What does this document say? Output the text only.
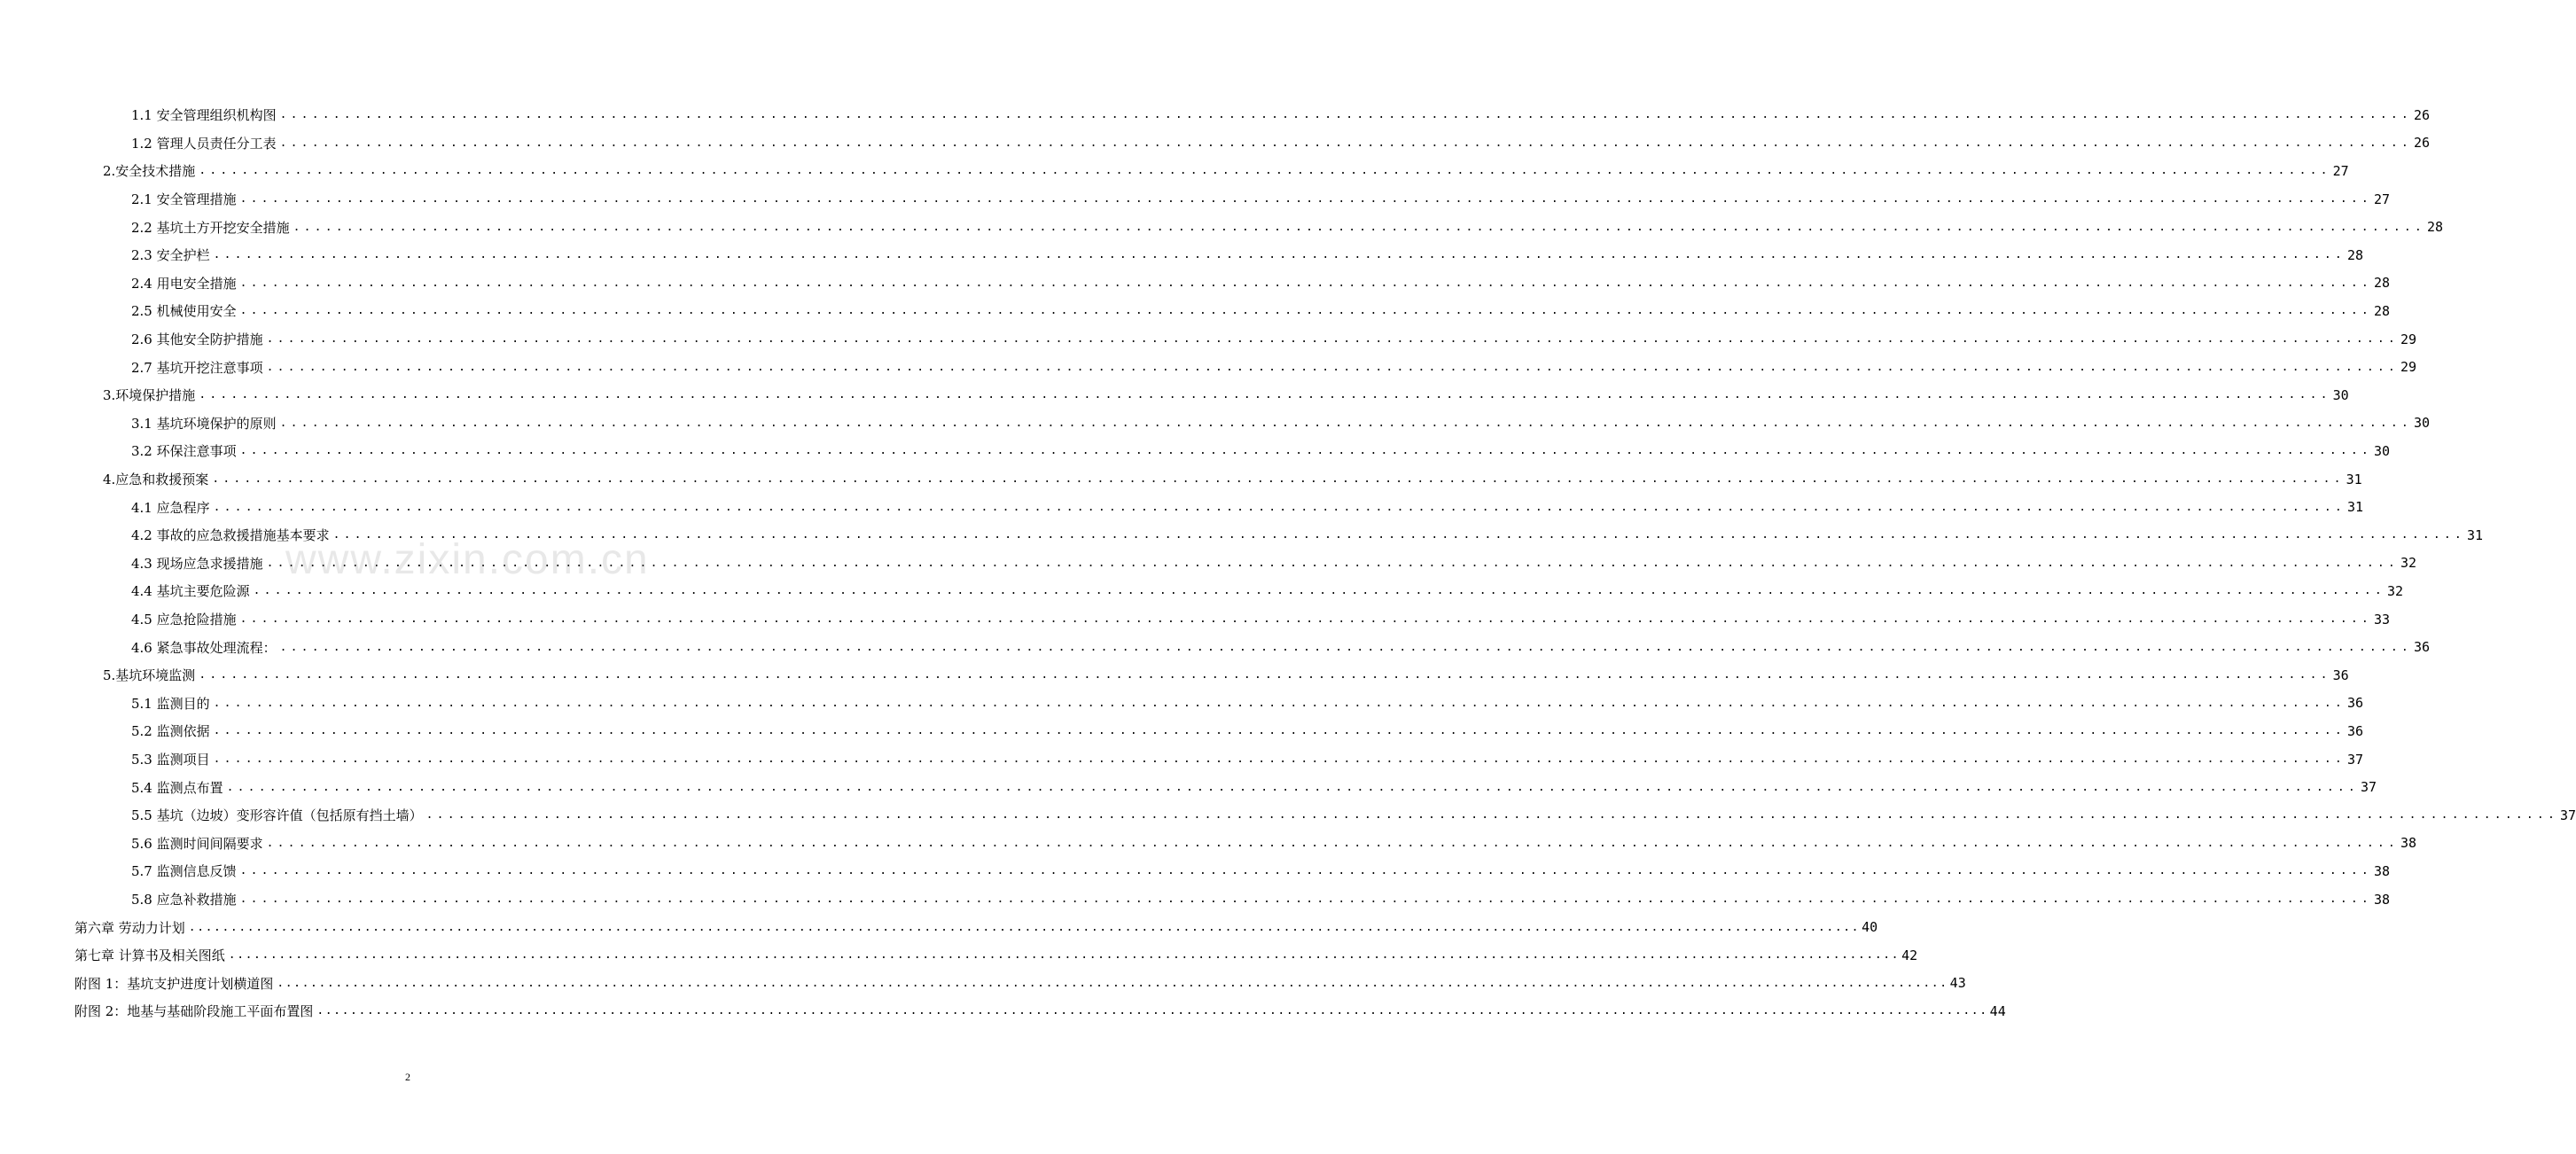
1.1 安全管理组织机构图 ........................................................................................................................................................................................................ 26
1.2 管理人员责任分工表 ........................................................................................................................................................................................................ 26
2.安全技术措施 ........................................................................................................................................................................................................ 27
2.1 安全管理措施 ........................................................................................................................................................................................................ 27
2.2 基坑土方开挖安全措施 ........................................................................................................................................................................................................ 28
2.3 安全护栏 ........................................................................................................................................................................................................ 28
2.4 用电安全措施 ........................................................................................................................................................................................................ 28
2.5 机械使用安全 ........................................................................................................................................................................................................ 28
2.6 其他安全防护措施 ........................................................................................................................................................................................................ 29
2.7 基坑开挖注意事项 ........................................................................................................................................................................................................ 29
3.环境保护措施 ........................................................................................................................................................................................................ 30
3.1 基坑环境保护的原则 ........................................................................................................................................................................................................ 30
3.2 环保注意事项 ........................................................................................................................................................................................................ 30
4.应急和救援预案 ........................................................................................................................................................................................................ 31
4.1 应急程序 ........................................................................................................................................................................................................ 31
4.2 事故的应急救援措施基本要求 ........................................................................................................................................................................................................ 31
4.3 现场应急求援措施 ........................................................................................................................................................................................................ 32
4.4 基坑主要危险源 ........................................................................................................................................................................................................ 32
4.5 应急抢险措施 ........................................................................................................................................................................................................ 33
4.6 紧急事故处理流程： ........................................................................................................................................................................................................ 36
5.基坑环境监测 ........................................................................................................................................................................................................ 36
5.1 监测目的 ........................................................................................................................................................................................................ 36
5.2 监测依据 ........................................................................................................................................................................................................ 36
5.3 监测项目 ........................................................................................................................................................................................................ 37
5.4 监测点布置 ........................................................................................................................................................................................................ 37
5.5 基坑（边坡）变形容许值（包括原有挡土墙） ........................................................................................................................................................................................................ 37
5.6 监测时间间隔要求 ........................................................................................................................................................................................................ 38
5.7 监测信息反馈 ........................................................................................................................................................................................................ 38
5.8 应急补救措施 ........................................................................................................................................................................................................ 38
第六章 劳动力计划 ........................................................................................................................................................................................................ 40
第七章 计算书及相关图纸 ........................................................................................................................................................................................................ 42
附图 1：基坑支护进度计划横道图 ........................................................................................................................................................................................................ 43
附图 2：地基与基础阶段施工平面布置图 ........................................................................................................................................................................................................ 44
www.zixin.com.cn
2
